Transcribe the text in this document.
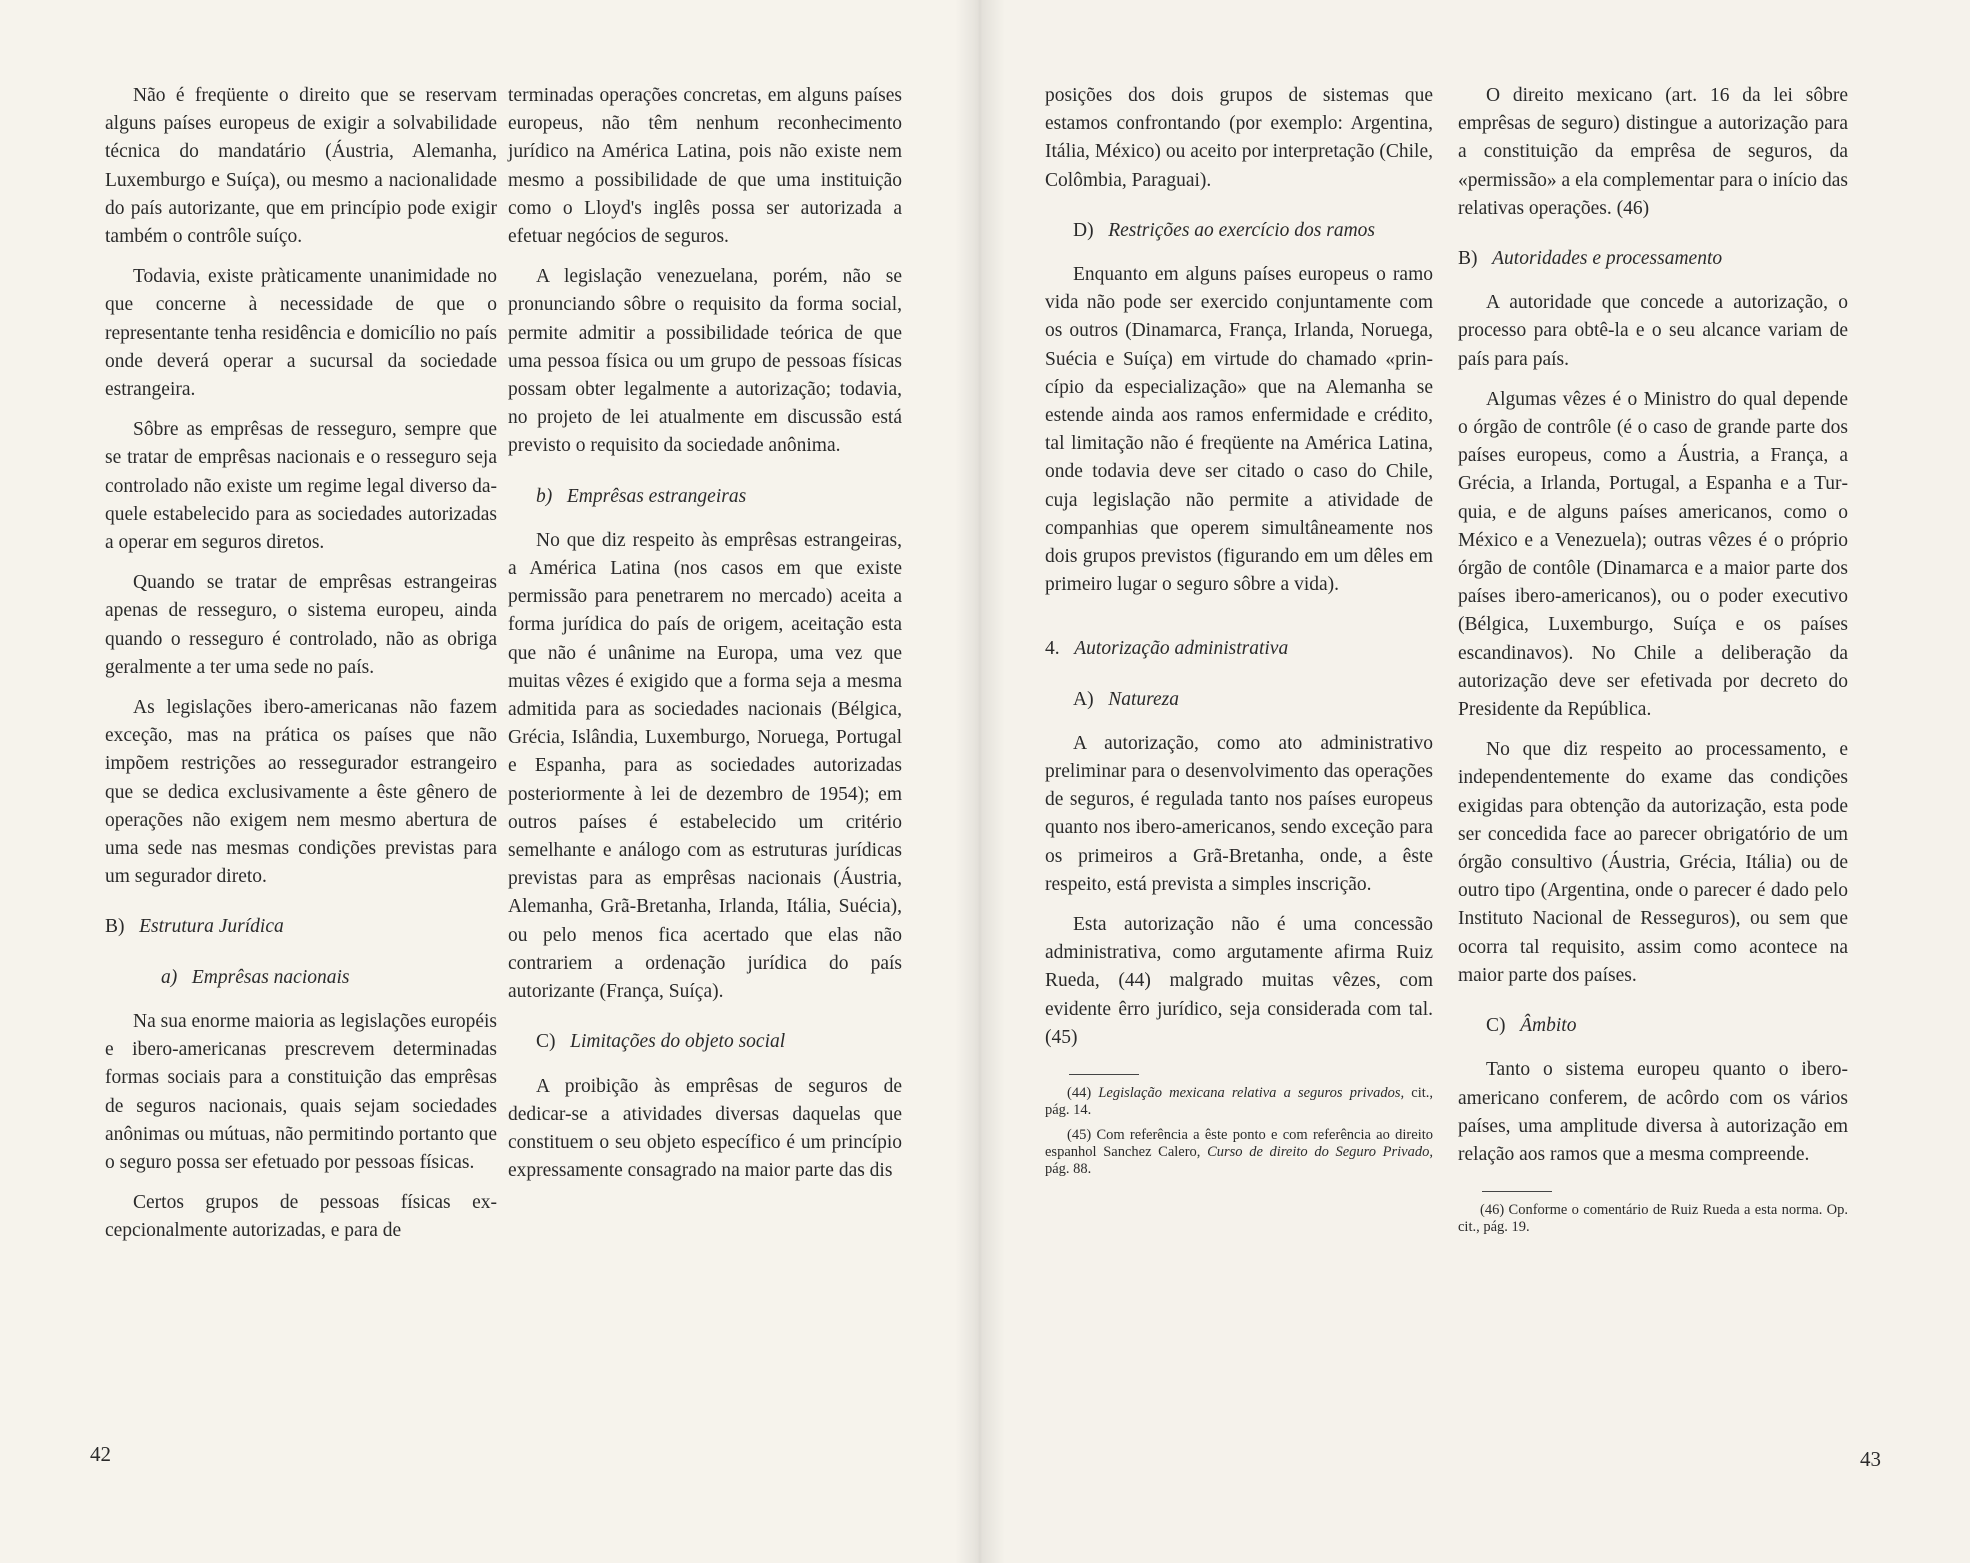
Não é freqüente o direito que se reservam alguns países europeus de exigir a solvabilidade técnica do mandatário (Áustria, Alemanha, Luxemburgo e Suíça), ou mesmo a nacionalidade do país autorizante, que em princípio pode exigir também o contrôle suíço.

Todavia, existe pràticamente unanimidade no que concerne à necessidade de que o representante tenha residência e domicílio no país onde deverá operar a sucursal da sociedade estrangeira.

Sôbre as emprêsas de resseguro, sempre que se tratar de emprêsas nacionais e o resseguro seja controlado não existe um regime legal diverso daquele estabelecido para as sociedades autorizadas a operar em seguros diretos.

Quando se tratar de emprêsas estrangeiras apenas de resseguro, o sistema europeu, ainda quando o resseguro é controlado, não as obriga geralmente a ter uma sede no país.

As legislações ibero-americanas não fazem exceção, mas na prática os países que não impõem restrições ao ressegurador estrangeiro que se dedica exclusivamente a êste gênero de operações não exigem nem mesmo abertura de uma sede nas mesmas condições previstas para um segurador direto.

B) Estrutura Jurídica
a) Emprêsas nacionais

Na sua enorme maioria as legislações européis e ibero-americanas prescrevem determinadas formas sociais para a constituição das emprêsas de seguros nacionais, quais sejam sociedades anônimas ou mútuas, não permitindo portanto que o seguro possa ser efetuado por pessoas físicas.

Certos grupos de pessoas físicas excepcionalmente autorizadas, e para de

terminadas operações concretas, em alguns países europeus, não têm nenhum reconhecimento jurídico na América Latina, pois não existe nem mesmo a possibilidade de que uma instituição como o Lloyd's inglês possa ser autorizada a efetuar negócios de seguros.

A legislação venezuelana, porém, não se pronunciando sôbre o requisito da forma social, permite admitir a possibilidade teórica de que uma pessoa física ou um grupo de pessoas físicas possam obter legalmente a autorização; todavia, no projeto de lei atualmente em discussão está previsto o requisito da sociedade anônima.

b) Emprêsas estrangeiras

No que diz respeito às emprêsas estrangeiras, a América Latina (nos casos em que existe permissão para penetrarem no mercado) aceita a forma jurídica do país de origem, aceitação esta que não é unânime na Europa, uma vez que muitas vêzes é exigido que a forma seja a mesma admitida para as sociedades nacionais (Bélgica, Grécia, Islândia, Luxemburgo, Noruega, Portugal e Espanha, para as sociedades autorizadas posteriormente à lei de dezembro de 1954); em outros países é estabelecido um critério semelhante e análogo com as estruturas jurídicas previstas para as emprêsas nacionais (Áustria, Alemanha, Grã-Bretanha, Irlanda, Itália, Suécia), ou pelo menos fica acertado que elas não contrariem a ordenação jurídica do país autorizante (França, Suíça).

C) Limitações do objeto social

A proibição às emprêsas de seguros de dedicar-se a atividades diversas daquelas que constituem o seu objeto específico é um princípio expressamente consagrado na maior parte das dis

posições dos dois grupos de sistemas que estamos confrontando (por exemplo: Argentina, Itália, México) ou aceito por interpretação (Chile, Colômbia, Paraguai).

D) Restrições ao exercício dos ramos

Enquanto em alguns países europeus o ramo vida não pode ser exercido conjuntamente com os outros (Dinamarca, França, Irlanda, Noruega, Suécia e Suíça) em virtude do chamado «princípio da especialização» que na Alemanha se estende ainda aos ramos enfermidade e crédito, tal limitação não é freqüente na América Latina, onde todavia deve ser citado o caso do Chile, cuja legislação não permite a atividade de companhias que operem simultâneamente nos dois grupos previstos (figurando em um dêles em primeiro lugar o seguro sôbre a vida).

4. Autorização administrativa
A) Natureza

A autorização, como ato administrativo preliminar para o desenvolvimento das operações de seguros, é regulada tanto nos países europeus quanto nos ibero-americanos, sendo exceção para os primeiros a Grã-Bretanha, onde, a êste respeito, está prevista a simples inscrição.

Esta autorização não é uma concessão administrativa, como argutamente afirma Ruiz Rueda, (44) malgrado muitas vêzes, com evidente êrro jurídico, seja considerada com tal. (45)

(44) Legislação mexicana relativa a seguros privados, cit., pág. 14.

(45) Com referência a êste ponto e com referência ao direito espanhol Sanchez Calero, Curso de direito do Seguro Privado, pág. 88.

O direito mexicano (art. 16 da lei sôbre emprêsas de seguro) distingue a autorização para a constituição da emprêsa de seguros, da «permissão» a ela complementar para o início das relativas operações. (46)

B) Autoridades e processamento

A autoridade que concede a autorização, o processo para obtê-la e o seu alcance variam de país para país.

Algumas vêzes é o Ministro do qual depende o órgão de contrôle (é o caso de grande parte dos países europeus, como a Áustria, a França, a Grécia, a Irlanda, Portugal, a Espanha e a Turquia, e de alguns países americanos, como o México e a Venezuela); outras vêzes é o próprio órgão de contôle (Dinamarca e a maior parte dos países ibero-americanos), ou o poder executivo (Bélgica, Luxemburgo, Suíça e os países escandinavos). No Chile a deliberação da autorização deve ser efetivada por decreto do Presidente da República.

No que diz respeito ao processamento, e independentemente do exame das condições exigidas para obtenção da autorização, esta pode ser concedida face ao parecer obrigatório de um órgão consultivo (Áustria, Grécia, Itália) ou de outro tipo (Argentina, onde o parecer é dado pelo Instituto Nacional de Resseguros), ou sem que ocorra tal requisito, assim como acontece na maior parte dos países.

C) Âmbito

Tanto o sistema europeu quanto o ibero-americano conferem, de acôrdo com os vários países, uma amplitude diversa à autorização em relação aos ramos que a mesma compreende.

(46) Conforme o comentário de Ruiz Rueda a esta norma. Op. cit., pág. 19.

42	43
